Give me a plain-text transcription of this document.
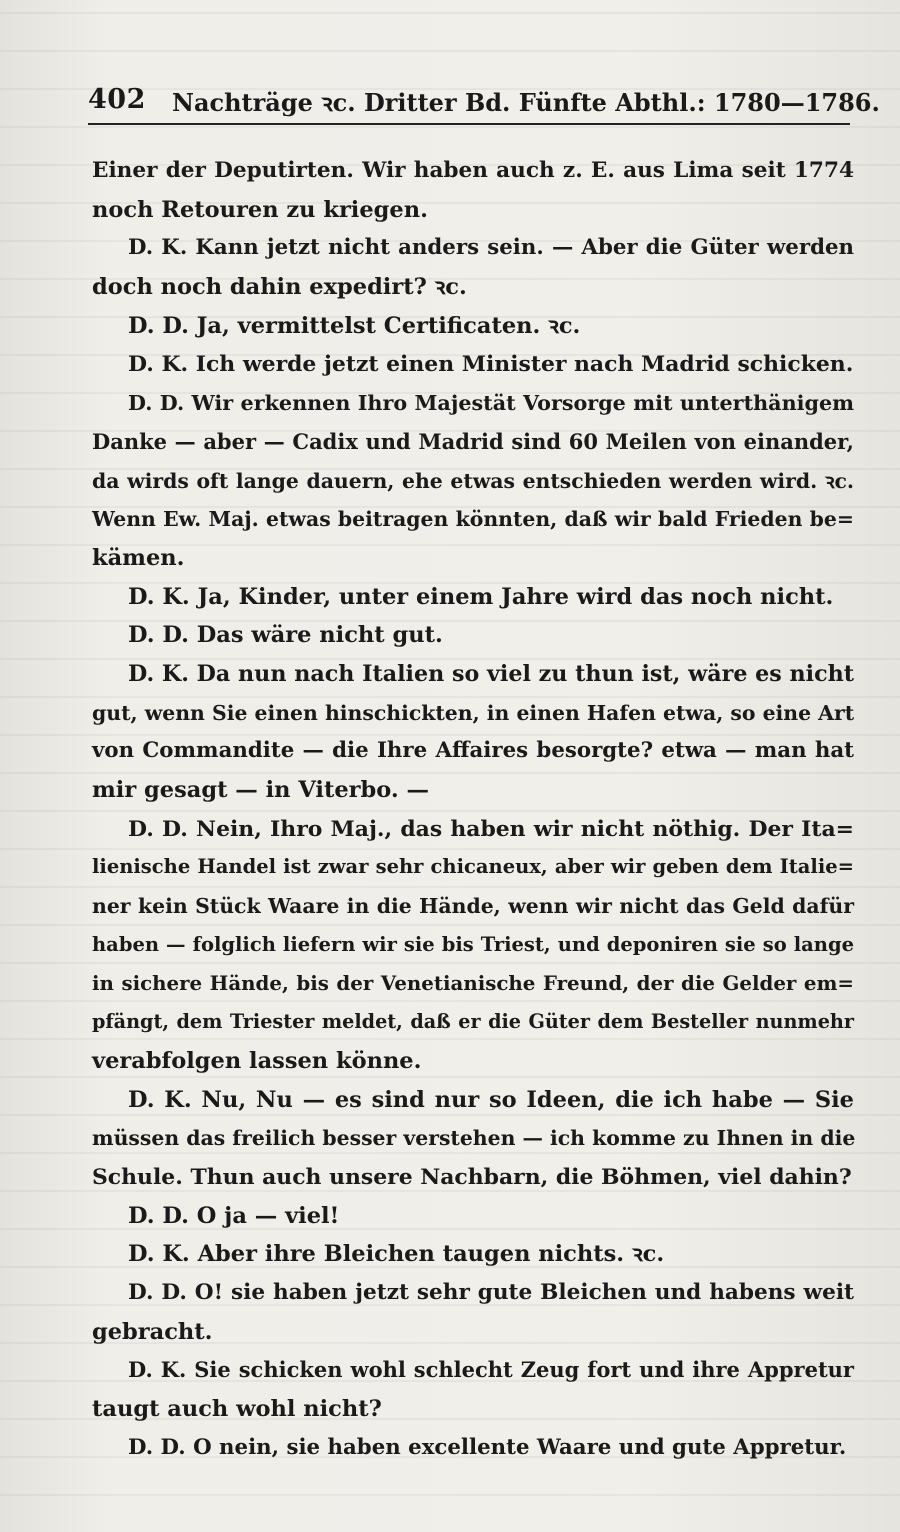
402 Nachträge ꝛc. Dritter Bd. Fünfte Abthl.: 1780—1786.
Einer der Deputirten. Wir haben auch z. E. aus Lima seit 1774
noch Retouren zu kriegen.
D. K. Kann jetzt nicht anders sein. — Aber die Güter werden
doch noch dahin expedirt? ꝛc.
D. D. Ja, vermittelst Certificaten. ꝛc.
D. K. Ich werde jetzt einen Minister nach Madrid schicken.
D. D. Wir erkennen Ihro Majestät Vorsorge mit unterthänigem
Danke — aber — Cadix und Madrid sind 60 Meilen von einander,
da wirds oft lange dauern, ehe etwas entschieden werden wird. ꝛc.
Wenn Ew. Maj. etwas beitragen könnten, daß wir bald Frieden be=
kämen.
D. K. Ja, Kinder, unter einem Jahre wird das noch nicht.
D. D. Das wäre nicht gut.
D. K. Da nun nach Italien so viel zu thun ist, wäre es nicht
gut, wenn Sie einen hinschickten, in einen Hafen etwa, so eine Art
von Commandite — die Ihre Affaires besorgte? etwa — man hat
mir gesagt — in Viterbo. —
D. D. Nein, Ihro Maj., das haben wir nicht nöthig. Der Ita=
lienische Handel ist zwar sehr chicaneux, aber wir geben dem Italie=
ner kein Stück Waare in die Hände, wenn wir nicht das Geld dafür
haben — folglich liefern wir sie bis Triest, und deponiren sie so lange
in sichere Hände, bis der Venetianische Freund, der die Gelder em=
pfängt, dem Triester meldet, daß er die Güter dem Besteller nunmehr
verabfolgen lassen könne.
D. K. Nu, Nu — es sind nur so Ideen, die ich habe — Sie
müssen das freilich besser verstehen — ich komme zu Ihnen in die
Schule. Thun auch unsere Nachbarn, die Böhmen, viel dahin?
D. D. O ja — viel!
D. K. Aber ihre Bleichen taugen nichts. ꝛc.
D. D. O! sie haben jetzt sehr gute Bleichen und habens weit
gebracht.
D. K. Sie schicken wohl schlecht Zeug fort und ihre Appretur
taugt auch wohl nicht?
D. D. O nein, sie haben excellente Waare und gute Appretur.
